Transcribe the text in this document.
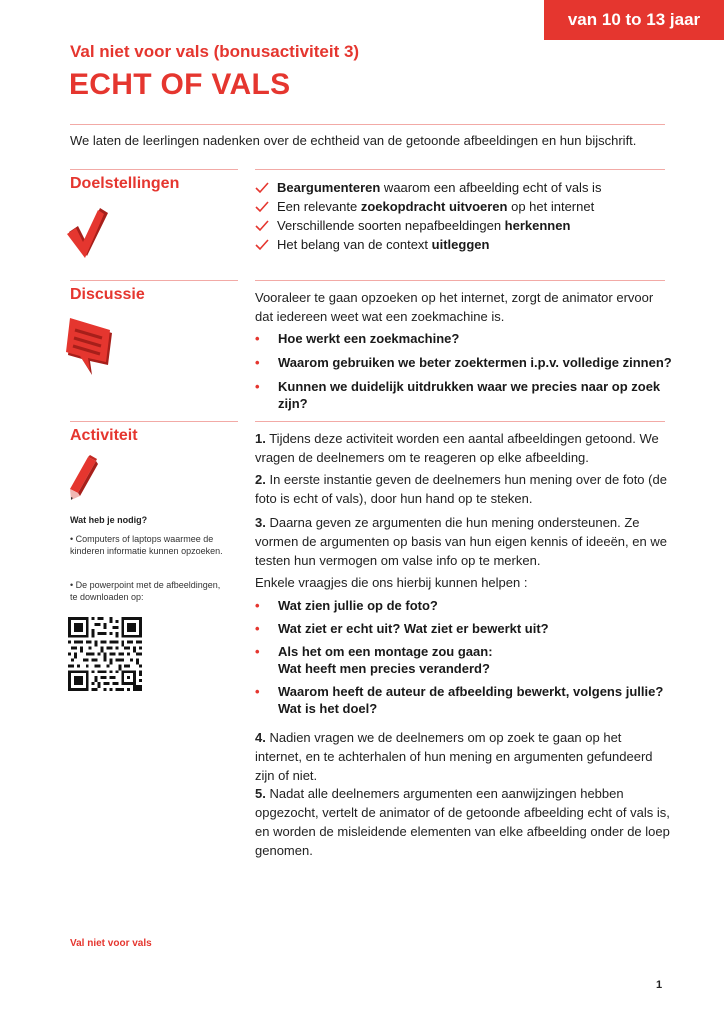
van 10 to 13 jaar
Val niet voor vals (bonusactiviteit 3)
ECHT OF VALS
We laten de leerlingen nadenken over de echtheid van de getoonde afbeeldingen en hun bijschrift.
Doelstellingen	Beargumenteren waarom een afbeelding echt of vals is
Een relevante zoekopdracht uitvoeren op het internet
Verschillende soorten nepafbeeldingen herkennen
Het belang van de context uitleggen
Discussie	Vooraleer te gaan opzoeken op het internet, zorgt de animator ervoor dat iedereen weet wat een zoekmachine is.
• Hoe werkt een zoekmachine?
• Waarom gebruiken we beter zoektermen i.p.v. volledige zinnen?
• Kunnen we duidelijk uitdrukken waar we precies naar op zoek zijn?
Activiteit
Wat heb je nodig?
• Computers of laptops waarmee de kinderen informatie kunnen opzoeken.
• De powerpoint met de afbeeldingen, te downloaden op:
1. Tijdens deze activiteit worden een aantal afbeeldingen getoond. We vragen de deelnemers om te reageren op elke afbeelding.
2. In eerste instantie geven de deelnemers hun mening over de foto (de foto is echt of vals), door hun hand op te steken.
3. Daarna geven ze argumenten die hun mening ondersteunen. Ze vormen de argumenten op basis van hun eigen kennis of ideeën, en we testen hun vermogen om valse info op te merken.
Enkele vraagjes die ons hierbij kunnen helpen :
• Wat zien jullie op de foto?
• Wat ziet er echt uit? Wat ziet er bewerkt uit?
• Als het om een montage zou gaan:
Wat heeft men precies veranderd?
• Waarom heeft de auteur de afbeelding bewerkt, volgens jullie?
Wat is het doel?
4. Nadien vragen we de deelnemers om op zoek te gaan op het internet, en te achterhalen of hun mening en argumenten gefundeerd zijn of niet.
5. Nadat alle deelnemers argumenten een aanwijzingen hebben opgezocht, vertelt de animator of de getoonde afbeelding echt of vals is, en worden de misleidende elementen van elke afbeelding onder de loep genomen.
Val niet voor vals
1
